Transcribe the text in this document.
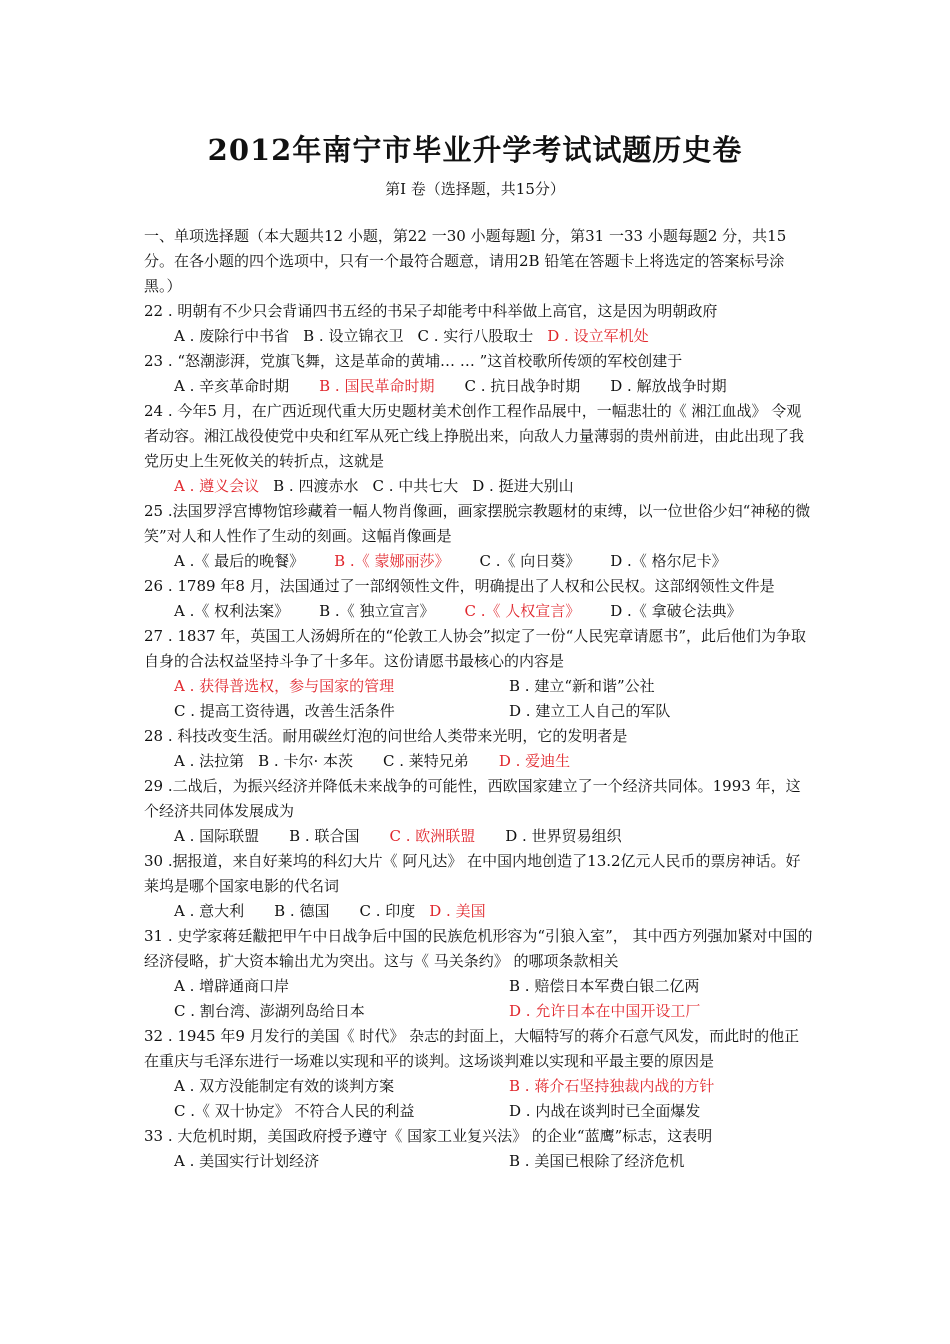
2012年南宁市毕业升学考试试题历史卷
第Ⅰ 卷（选择题，共15分）

一、单项选择题（本大题共12 小题，第22 一30 小题每题l 分，第31 一33 小题每题2 分，共15分。在各小题的四个选项中，只有一个最符合题意，请用2B 铅笔在答题卡上将选定的答案标号涂黑。）

22 . 明朝有不少只会背诵四书五经的书呆子却能考中科举做上高官，这是因为明朝政府

A . 废除行中书省 B . 设立锦衣卫 C . 实行八股取士 D . 设立军机处

23 . “怒潮澎湃，党旗飞舞，这是革命的黄埔… … ”这首校歌所传颂的军校创建于

A . 辛亥革命时期 B . 国民革命时期 C . 抗日战争时期 D . 解放战争时期

24 . 今年5 月，在广西近现代重大历史题材美术创作工程作品展中，一幅悲壮的《 湘江血战》 令观者动容。湘江战役使党中央和红军从死亡线上挣脱出来，向敌人力量薄弱的贵州前进，由此出现了我党历史上生死攸关的转折点，这就是

A . 遵义会议 B . 四渡赤水 C . 中共七大 D . 挺进大别山

25 .法国罗浮宫博物馆珍藏着一幅人物肖像画，画家摆脱宗教题材的束缚，以一位世俗少妇“神秘的微笑”对人和人性作了生动的刻画。这幅肖像画是

A .《 最后的晚餐》 B .《 蒙娜丽莎》 C .《 向日葵》 D .《 格尔尼卡》

26 . 1789 年8 月，法国通过了一部纲领性文件，明确提出了人权和公民权。这部纲领性文件是

A .《 权利法案》 B .《 独立宣言》 C .《 人权宣言》 D .《 拿破仑法典》

27 . 1837 年，英国工人汤姆所在的“伦敦工人协会”拟定了一份“人民宪章请愿书”，此后他们为争取自身的合法权益坚持斗争了十多年。这份请愿书最核心的内容是

A . 获得普选权，参与国家的管理	B . 建立“新和谐”公社

C . 提高工资待遇，改善生活条件	D . 建立工人自己的军队

28 . 科技改变生活。耐用碳丝灯泡的问世给人类带来光明，它的发明者是

A . 法拉第 B . 卡尔· 本茨 C . 莱特兄弟 D . 爱迪生

29 .二战后，为振兴经济并降低未来战争的可能性，西欧国家建立了一个经济共同体。1993 年，这个经济共同体发展成为

A . 国际联盟 B . 联合国 C . 欧洲联盟 D . 世界贸易组织

30 .据报道，来自好莱坞的科幻大片《 阿凡达》 在中国内地创造了13.2亿元人民币的票房神话。好莱坞是哪个国家电影的代名词

A . 意大利 B . 德国 C . 印度 D . 美国

31 . 史学家蒋廷黻把甲午中日战争后中国的民族危机形容为“引狼入室”， 其中西方列强加紧对中国的经济侵略，扩大资本输出尤为突出。这与《 马关条约》 的哪项条款相关

A . 增辟通商口岸	B . 赔偿日本军费白银二亿两

C . 割台湾、澎湖列岛给日本	D . 允许日本在中国开设工厂

32 . 1945 年9 月发行的美国《 时代》 杂志的封面上，大幅特写的蒋介石意气风发，而此时的他正在重庆与毛泽东进行一场难以实现和平的谈判。这场谈判难以实现和平最主要的原因是

A . 双方没能制定有效的谈判方案	B . 蒋介石坚持独裁内战的方针

C .《 双十协定》 不符合人民的利益	D . 内战在谈判时已全面爆发

33 . 大危机时期，美国政府授予遵守《 国家工业复兴法》 的企业“蓝鹰”标志，这表明

A . 美国实行计划经济	B . 美国已根除了经济危机
